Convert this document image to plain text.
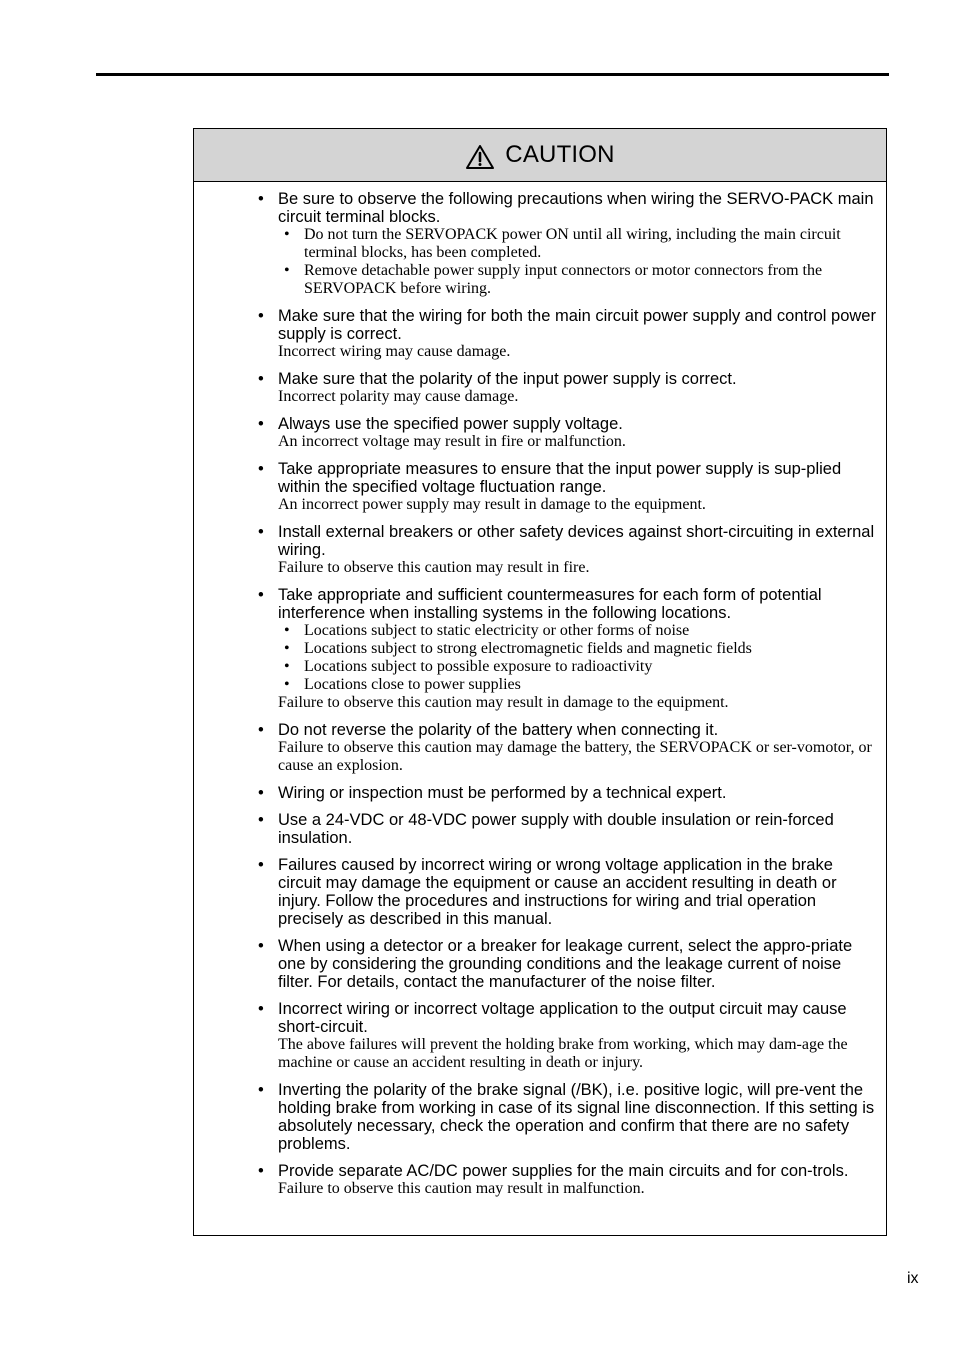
CAUTION
• Be sure to observe the following precautions when wiring the SERVO-PACK main circuit terminal blocks.
• Do not turn the SERVOPACK power ON until all wiring, including the main circuit terminal blocks, has been completed.
• Remove detachable power supply input connectors or motor connectors from the SERVOPACK before wiring.
• Make sure that the wiring for both the main circuit power supply and control power supply is correct.
Incorrect wiring may cause damage.
• Make sure that the polarity of the input power supply is correct.
Incorrect polarity may cause damage.
• Always use the specified power supply voltage.
An incorrect voltage may result in fire or malfunction.
• Take appropriate measures to ensure that the input power supply is sup-plied within the specified voltage fluctuation range.
An incorrect power supply may result in damage to the equipment.
• Install external breakers or other safety devices against short-circuiting in external wiring.
Failure to observe this caution may result in fire.
• Take appropriate and sufficient countermeasures for each form of potential interference when installing systems in the following locations.
• Locations subject to static electricity or other forms of noise
• Locations subject to strong electromagnetic fields and magnetic fields
• Locations subject to possible exposure to radioactivity
• Locations close to power supplies
Failure to observe this caution may result in damage to the equipment.
• Do not reverse the polarity of the battery when connecting it.
Failure to observe this caution may damage the battery, the SERVOPACK or ser-vomotor, or cause an explosion.
• Wiring or inspection must be performed by a technical expert.
• Use a 24-VDC or 48-VDC power supply with double insulation or rein-forced insulation.
• Failures caused by incorrect wiring or wrong voltage application in the brake circuit may damage the equipment or cause an accident resulting in death or injury. Follow the procedures and instructions for wiring and trial operation precisely as described in this manual.
• When using a detector or a breaker for leakage current, select the appro-priate one by considering the grounding conditions and the leakage current of noise filter. For details, contact the manufacturer of the noise filter.
• Incorrect wiring or incorrect voltage application to the output circuit may cause short-circuit.
The above failures will prevent the holding brake from working, which may dam-age the machine or cause an accident resulting in death or injury.
• Inverting the polarity of the brake signal (/BK), i.e. positive logic, will pre-vent the holding brake from working in case of its signal line disconnection. If this setting is absolutely necessary, check the operation and confirm that there are no safety problems.
• Provide separate AC/DC power supplies for the main circuits and for con-trols.
Failure to observe this caution may result in malfunction.
ix
